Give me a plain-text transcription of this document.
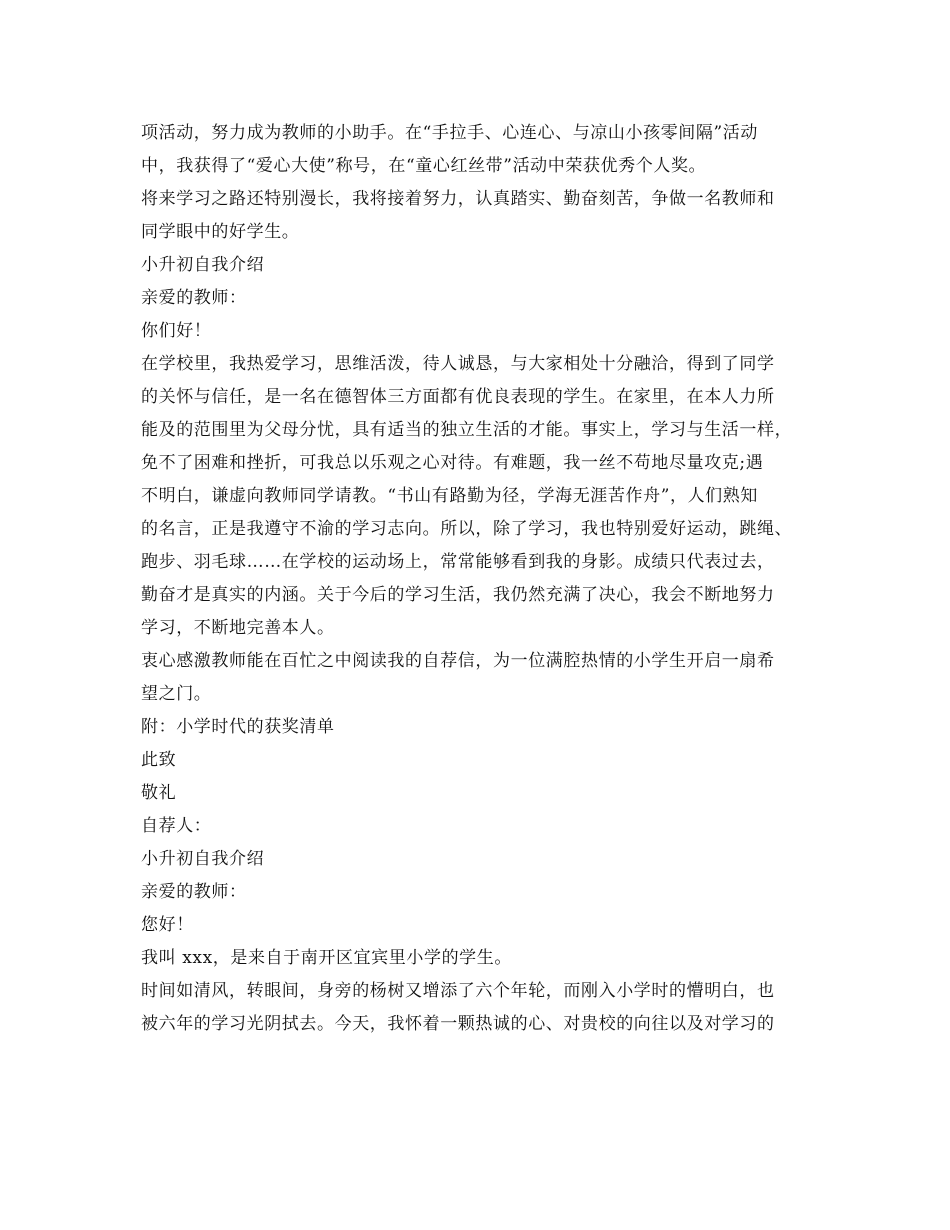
项活动，努力成为教师的小助手。在“手拉手、心连心、与凉山小孩零间隔”活动
中，我获得了“爱心大使”称号，在“童心红丝带”活动中荣获优秀个人奖。
将来学习之路还特别漫长，我将接着努力，认真踏实、勤奋刻苦，争做一名教师和
同学眼中的好学生。
小升初自我介绍
亲爱的教师：
你们好！
在学校里，我热爱学习，思维活泼，待人诚恳，与大家相处十分融洽，得到了同学
的关怀与信任，是一名在德智体三方面都有优良表现的学生。在家里，在本人力所
能及的范围里为父母分忧，具有适当的独立生活的才能。事实上，学习与生活一样，
免不了困难和挫折，可我总以乐观之心对待。有难题，我一丝不苟地尽量攻克;遇
不明白，谦虚向教师同学请教。“书山有路勤为径，学海无涯苦作舟”，人们熟知
的名言，正是我遵守不渝的学习志向。所以，除了学习，我也特别爱好运动，跳绳、
跑步、羽毛球……在学校的运动场上，常常能够看到我的身影。成绩只代表过去，
勤奋才是真实的内涵。关于今后的学习生活，我仍然充满了决心，我会不断地努力
学习，不断地完善本人。
衷心感激教师能在百忙之中阅读我的自荐信，为一位满腔热情的小学生开启一扇希
望之门。
附：小学时代的获奖清单
此致
敬礼
自荐人：
小升初自我介绍
亲爱的教师：
您好！
我叫 xxx，是来自于南开区宜宾里小学的学生。
时间如清风，转眼间，身旁的杨树又增添了六个年轮，而刚入小学时的懵明白，也
被六年的学习光阴拭去。今天，我怀着一颗热诚的心、对贵校的向往以及对学习的
